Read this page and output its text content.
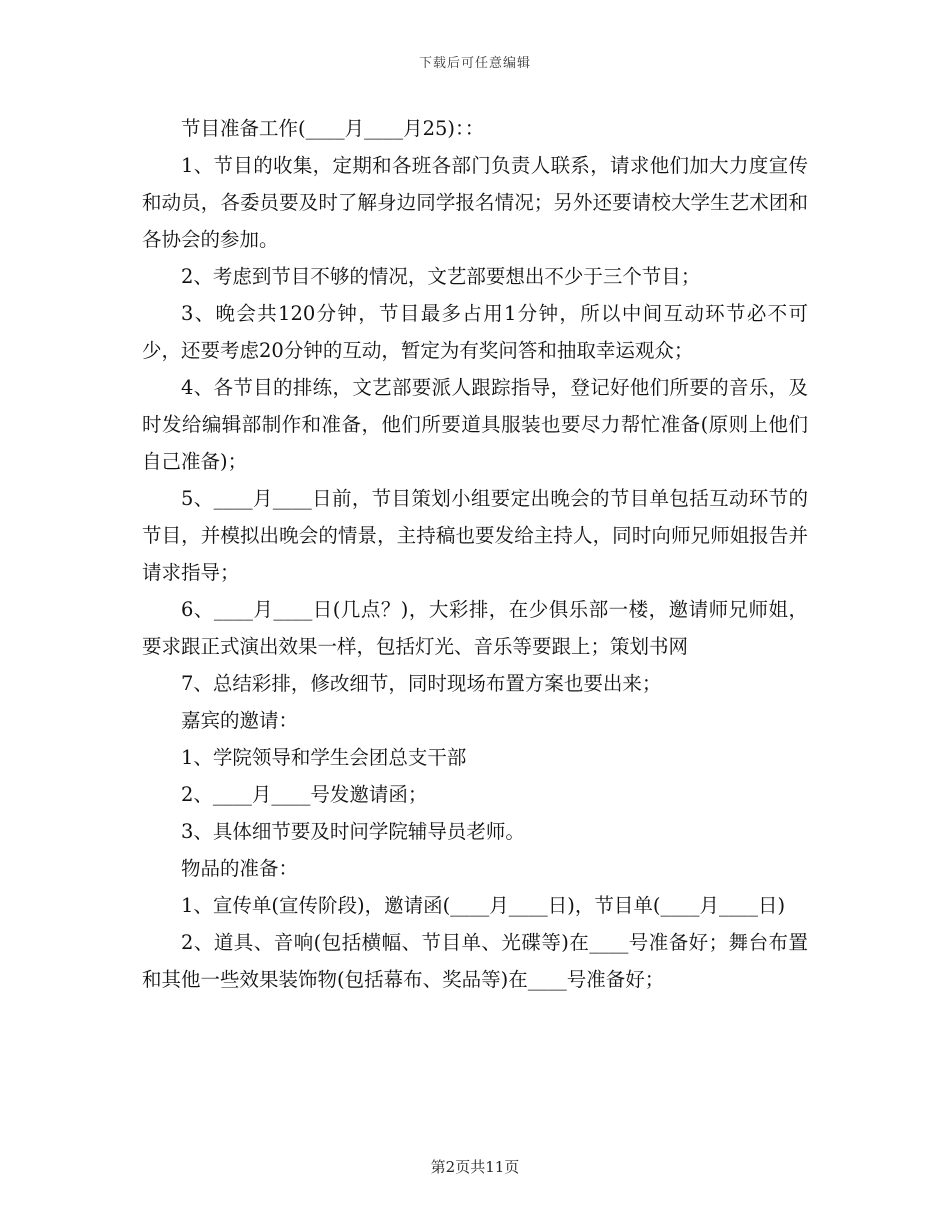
下载后可任意编辑

节目准备工作(____月____月25)：：

1、节目的收集，定期和各班各部门负责人联系，请求他们加大力度宣传和动员，各委员要及时了解身边同学报名情况；另外还要请校大学生艺术团和各协会的参加。

2、考虑到节目不够的情况，文艺部要想出不少于三个节目；

3、晚会共120分钟，节目最多占用1分钟，所以中间互动环节必不可少，还要考虑20分钟的互动，暂定为有奖问答和抽取幸运观众；

4、各节目的排练，文艺部要派人跟踪指导，登记好他们所要的音乐，及时发给编辑部制作和准备，他们所要道具服装也要尽力帮忙准备(原则上他们自己准备)；

5、____月____日前，节目策划小组要定出晚会的节目单包括互动环节的节目，并模拟出晚会的情景，主持稿也要发给主持人，同时向师兄师姐报告并请求指导；

6、____月____日(几点？)，大彩排，在少俱乐部一楼，邀请师兄师姐，要求跟正式演出效果一样，包括灯光、音乐等要跟上；策划书网

7、总结彩排，修改细节，同时现场布置方案也要出来；

嘉宾的邀请：

1、学院领导和学生会团总支干部

2、____月____号发邀请函；

3、具体细节要及时问学院辅导员老师。

物品的准备：

1、宣传单(宣传阶段)，邀请函(____月____日)，节目单(____月____日)

2、道具、音响(包括横幅、节目单、光碟等)在____号准备好；舞台布置和其他一些效果装饰物(包括幕布、奖品等)在____号准备好；

第2页共11页
